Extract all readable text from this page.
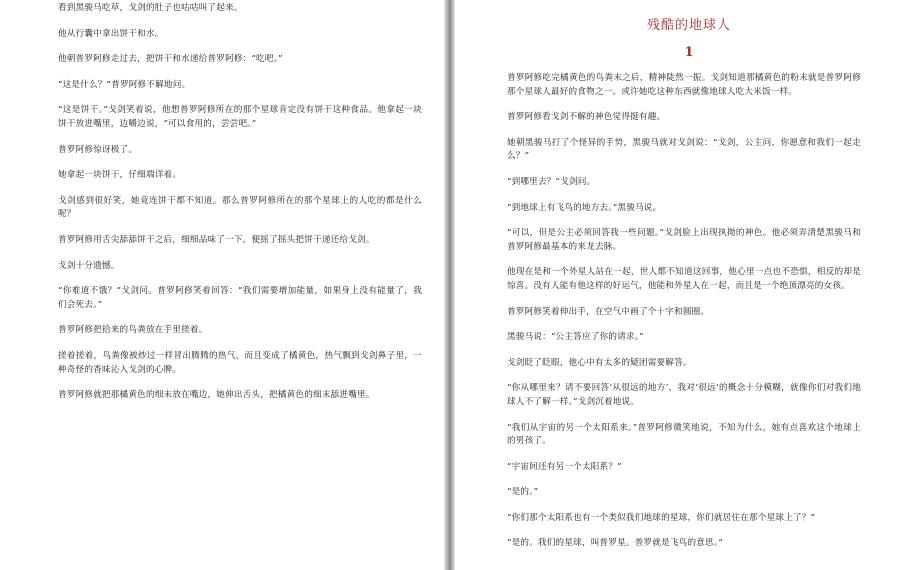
看到黑骏马吃草，戈剑的肚子也咕咕叫了起来。

他从行囊中拿出饼干和水。

他朝普罗阿修走过去，把饼干和水递给普罗阿修：“吃吧。”

“这是什么？”普罗阿修不解地问。

“这是饼干。”戈剑笑着说，他想普罗阿修所在的那个星球肯定没有饼干这种食品。他拿起一块饼干放进嘴里，边嚼边说，“可以食用的，尝尝吧。”

普罗阿修惊讶极了。

她拿起一块饼干，仔细端详着。

戈剑感到很好笑，她竟连饼干都不知道。那么普罗阿修所在的那个星球上的人吃的都是什么呢？

普罗阿修用舌尖舔舔饼干之后，细细品味了一下，便摇了摇头把饼干递还给戈剑。

戈剑十分遗憾。

“你难道不饿？”戈剑问。普罗阿修笑着回答：“我们需要增加能量，如果身上没有能量了，我们会死去。”

普罗阿修把拾来的鸟粪放在手里搓着。

搓着搓着，鸟粪像被炒过一样冒出腾腾的热气，而且变成了橘黄色，热气飘到戈剑鼻子里，一种奇怪的香味沁入戈剑的心脾。

普罗阿修就把那橘黄色的细末放在嘴边，她伸出舌头，把橘黄色的细末舔进嘴里。

残酷的地球人
1

普罗阿修吃完橘黄色的鸟粪末之后，精神陡然一振。戈剑知道那橘黄色的粉末就是普罗阿修那个星球人最好的食物之一。或许她吃这种东西就像地球人吃大米饭一样。

普罗阿修看戈剑不解的神色觉得挺有趣。

她朝黑骏马打了个怪异的手势，黑骏马就对戈剑说：“戈剑，公主问，你愿意和我们一起走么？”

“到哪里去？”戈剑问。

“到地球上有飞鸟的地方去。”黑骏马说。

“可以，但是公主必须回答我一些问题。”戈剑脸上出现执拗的神色。他必须弄清楚黑骏马和普罗阿修最基本的来龙去脉。

他现在是和一个外星人站在一起，世人都不知道这回事，他心里一点也不恐惧，相反的却是惊喜。没有人能有他这样的好运气，他能和外星人在一起，而且是一个绝顶漂亮的女孩。

普罗阿修笑着伸出手，在空气中画了个十字和圆圈。

黑骏马说：“公主答应了你的请求。”

戈剑眨了眨眼，他心中有太多的疑团需要解答。

“你从哪里来？请不要回答‘从很远的地方’，我对‘很远’的概念十分模糊，就像你们对我们地球人不了解一样。”戈剑沉着地说。

“我们从宇宙的另一个太阳系来。”普罗阿修微笑地说，不知为什么，她有点喜欢这个地球上的男孩了。

“宇宙间还有另一个太阳系？”

“是的。”

“你们那个太阳系也有一个类似我们地球的星球，你们就居住在那个星球上了？”

“是的。我们的星球，叫普罗星。普罗就是飞鸟的意思。”
